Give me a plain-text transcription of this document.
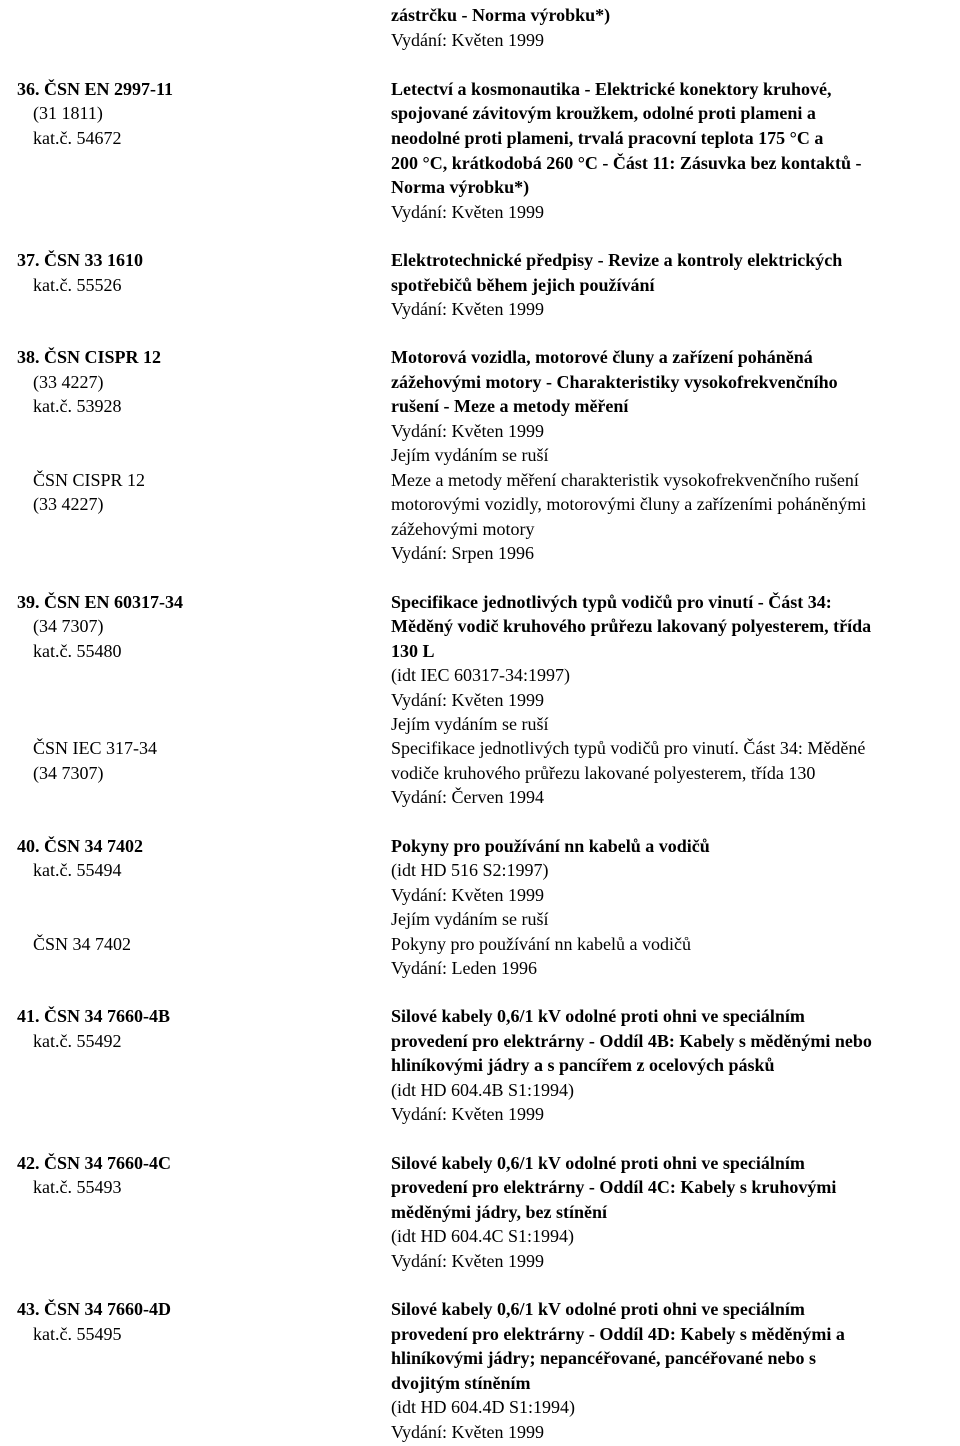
zástrčku - Norma výrobku*)
Vydání: Květen 1999
36. ČSN EN 2997-11
(31 1811)
kat.č. 54672
Letectví a kosmonautika - Elektrické konektory kruhové,
spojované závitovým kroužkem, odolné proti plameni a
neodolné proti plameni, trvalá pracovní teplota 175 °C a
200 °C, krátkodobá 260 °C - Část 11: Zásuvka bez kontaktů -
Norma výrobku*)
Vydání: Květen 1999
37. ČSN 33 1610
kat.č. 55526
Elektrotechnické předpisy - Revize a kontroly elektrických
spotřebičů během jejich používání
Vydání: Květen 1999
38. ČSN CISPR 12
(33 4227)
kat.č. 53928
ČSN CISPR 12
(33 4227)
Motorová vozidla, motorové čluny a zařízení poháněná
zážehovými motory - Charakteristiky vysokofrekvenčního
rušení - Meze a metody měření
Vydání: Květen 1999
Jejím vydáním se ruší
Meze a metody měření charakteristik vysokofrekvenčního rušení
motorovými vozidly, motorovými čluny a zařízeními poháněnými
zážehovými motory
Vydání: Srpen 1996
39. ČSN EN 60317-34
(34 7307)
kat.č. 55480
ČSN IEC 317-34
(34 7307)
Specifikace jednotlivých typů vodičů pro vinutí - Část 34:
Měděný vodič kruhového průřezu lakovaný polyesterem, třída
130 L
(idt IEC 60317-34:1997)
Vydání: Květen 1999
Jejím vydáním se ruší
Specifikace jednotlivých typů vodičů pro vinutí. Část 34: Měděné
vodiče kruhového průřezu lakované polyesterem, třída 130
Vydání: Červen 1994
40. ČSN 34 7402
kat.č. 55494
ČSN 34 7402
Pokyny pro používání nn kabelů a vodičů
(idt HD 516 S2:1997)
Vydání: Květen 1999
Jejím vydáním se ruší
Pokyny pro používání nn kabelů a vodičů
Vydání: Leden 1996
41. ČSN 34 7660-4B
kat.č. 55492
Silové kabely 0,6/1 kV odolné proti ohni ve speciálním
provedení pro elektrárny - Oddíl 4B: Kabely s měděnými nebo
hliníkovými jádry a s pancířem z ocelových pásků
(idt HD 604.4B S1:1994)
Vydání: Květen 1999
42. ČSN 34 7660-4C
kat.č. 55493
Silové kabely 0,6/1 kV odolné proti ohni ve speciálním
provedení pro elektrárny - Oddíl 4C: Kabely s kruhovými
měděnými jádry, bez stínění
(idt HD 604.4C S1:1994)
Vydání: Květen 1999
43. ČSN 34 7660-4D
kat.č. 55495
Silové kabely 0,6/1 kV odolné proti ohni ve speciálním
provedení pro elektrárny - Oddíl 4D: Kabely s měděnými a
hliníkovými jádry; nepancéřované, pancéřované nebo s
dvojitým stíněním
(idt HD 604.4D S1:1994)
Vydání: Květen 1999
